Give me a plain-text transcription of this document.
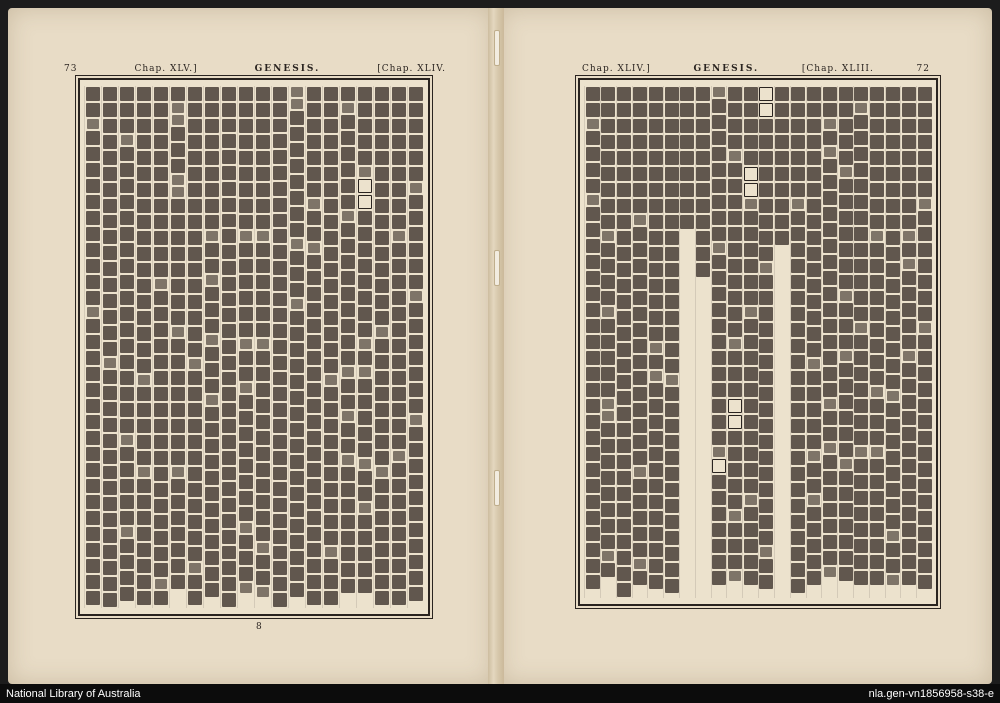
73	Chap. XLV.]	GENESIS.	[Chap. XLIV.
8
Chap. XLIV.]	GENESIS.	[Chap. XLIII.	72
National Library of Australia	nla.gen-vn1856958-s38-e
